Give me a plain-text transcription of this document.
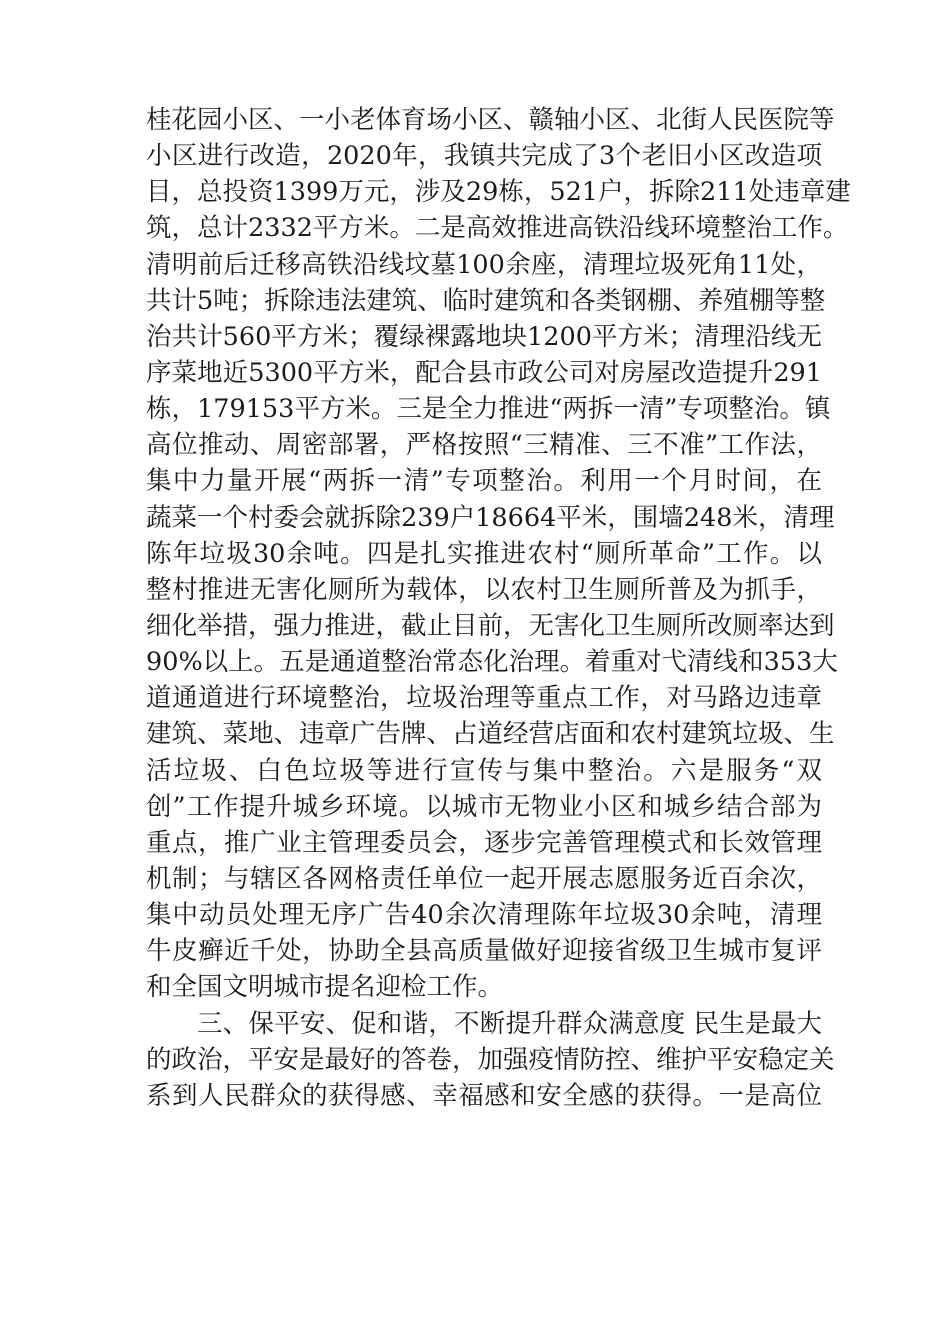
桂花园小区、一小老体育场小区、赣轴小区、北街人民医院等
小区进行改造，2020年，我镇共完成了3个老旧小区改造项
目，总投资1399万元，涉及29栋，521户，拆除211处违章建
筑，总计2332平方米。二是高效推进高铁沿线环境整治工作。
清明前后迁移高铁沿线坟墓100余座，清理垃圾死角11处，
共计5吨；拆除违法建筑、临时建筑和各类钢棚、养殖棚等整
治共计560平方米；覆绿裸露地块1200平方米；清理沿线无
序菜地近5300平方米，配合县市政公司对房屋改造提升291
栋，179153平方米。三是全力推进“两拆一清”专项整治。镇
高位推动、周密部署，严格按照“三精准、三不准”工作法，
集中力量开展“两拆一清”专项整治。利用一个月时间，在
蔬菜一个村委会就拆除239户18664平米，围墙248米，清理
陈年垃圾30余吨。四是扎实推进农村“厕所革命”工作。以
整村推进无害化厕所为载体，以农村卫生厕所普及为抓手，
细化举措，强力推进，截止目前，无害化卫生厕所改厕率达到
90%以上。五是通道整治常态化治理。着重对弋清线和353大
道通道进行环境整治，垃圾治理等重点工作，对马路边违章
建筑、菜地、违章广告牌、占道经营店面和农村建筑垃圾、生
活垃圾、白色垃圾等进行宣传与集中整治。六是服务“双
创”工作提升城乡环境。以城市无物业小区和城乡结合部为
重点，推广业主管理委员会，逐步完善管理模式和长效管理
机制；与辖区各网格责任单位一起开展志愿服务近百余次，
集中动员处理无序广告40余次清理陈年垃圾30余吨，清理
牛皮癣近千处，协助全县高质量做好迎接省级卫生城市复评
和全国文明城市提名迎检工作。
三、保平安、促和谐，不断提升群众满意度 民生是最大
的政治，平安是最好的答卷，加强疫情防控、维护平安稳定关
系到人民群众的获得感、幸福感和安全感的获得。一是高位
